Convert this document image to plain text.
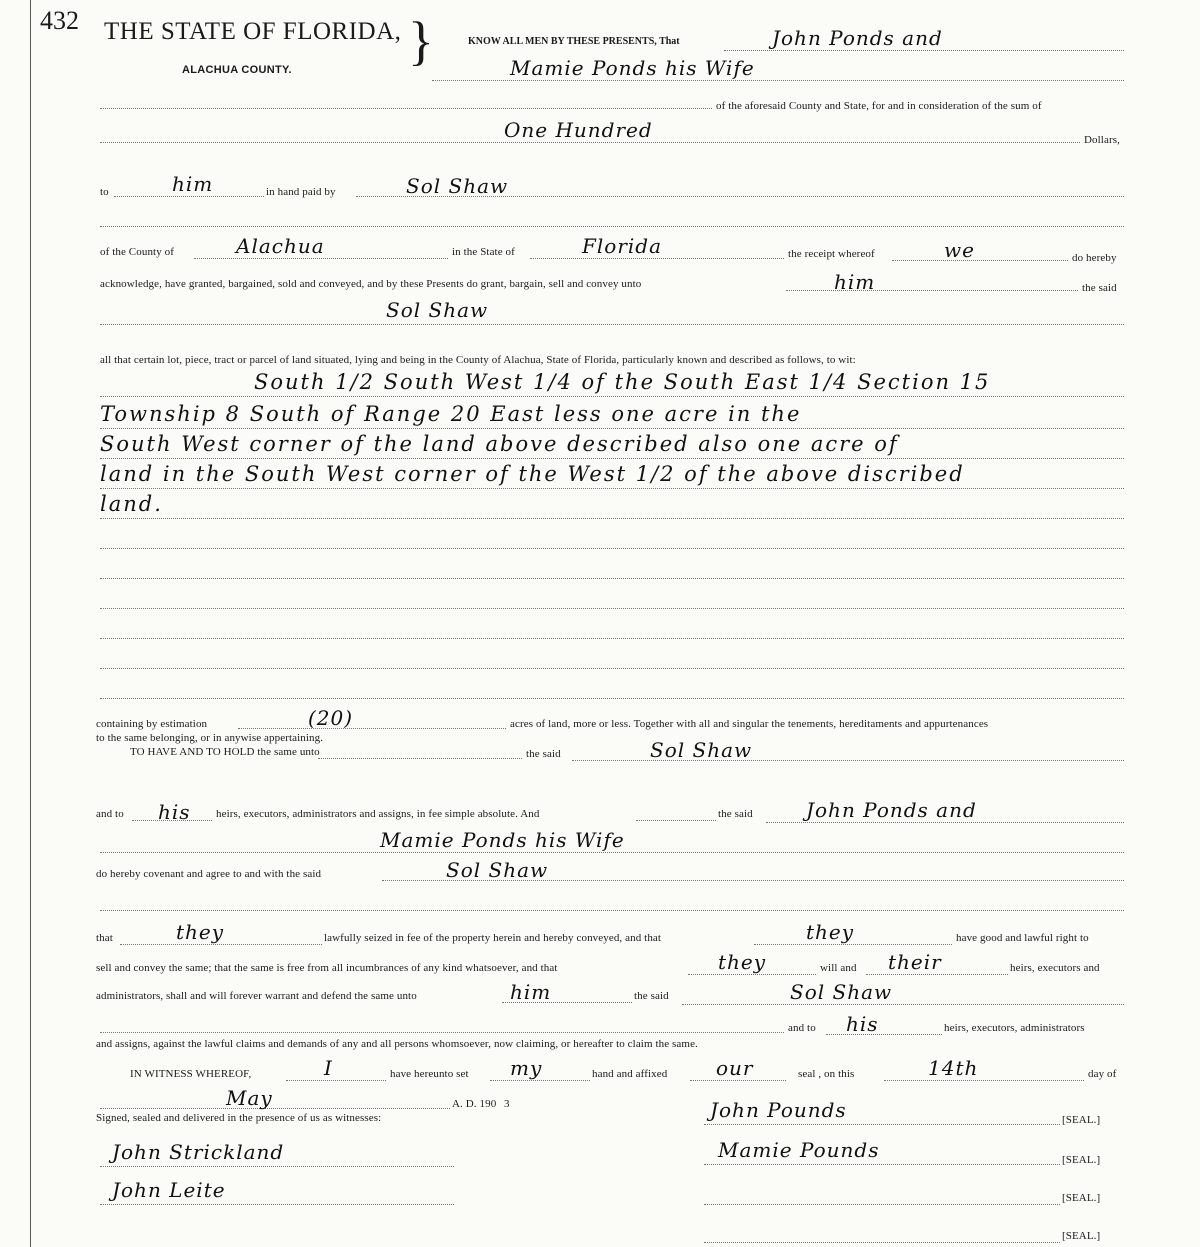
432 THE STATE OF FLORIDA, }
ALACHUA COUNTY.
KNOW ALL MEN BY THESE PRESENTS, That	John Ponds and
Mamie Ponds his Wife
of the aforesaid County and State, for and in consideration of the sum of
One Hundred	Dollars,
to	him	in hand paid by	Sol Shaw
of the County of	Alachua	in the State of	Florida	the receipt whereof	we	do hereby
acknowledge, have granted, bargained, sold and conveyed, and by these Presents do grant, bargain, sell and convey unto	him	the said
Sol Shaw
all that certain lot, piece, tract or parcel of land situated, lying and being in the County of Alachua, State of Florida, particularly known and described as follows, to wit:
South 1/2 South West 1/4 of the South East 1/4 Section 15
Township 8 South of Range 20 East less one acre in the
South West corner of the land above described also one acre of
land in the South West corner of the West 1/2 of the above discribed
land.
containing by estimation	(20)	acres of land, more or less. Together with all and singular the tenements, hereditaments and appurtenances
to the same belonging, or in anywise appertaining.
TO HAVE AND TO HOLD the same unto	the said	Sol Shaw
and to his heirs, executors, administrators and assigns, in fee simple absolute. And	the said	John Ponds and
Mamie Ponds his Wife
do hereby covenant and agree to and with the said	Sol Shaw
that	they	lawfully seized in fee of the property herein and hereby conveyed, and that	they	have good and lawful right to
sell and convey the same; that the same is free from all incumbrances of any kind whatsoever, and that	they	will and their	heirs, executors and
administrators, shall and will forever warrant and defend the same unto	him	the said	Sol Shaw
and to his	heirs, executors, administrators
and assigns, against the lawful claims and demands of any and all persons whomsoever, now claiming, or hereafter to claim the same.
IN WITNESS WHEREOF,	I	have hereunto set my	hand and affixed our	seal , on this	14th	day of
May	A. D. 190 3
Signed, sealed and delivered in the presence of us as witnesses:
John Strickland
John Leite
John Pounds	[SEAL.]
Mamie Pounds	[SEAL.]
[SEAL.]
[SEAL.]
